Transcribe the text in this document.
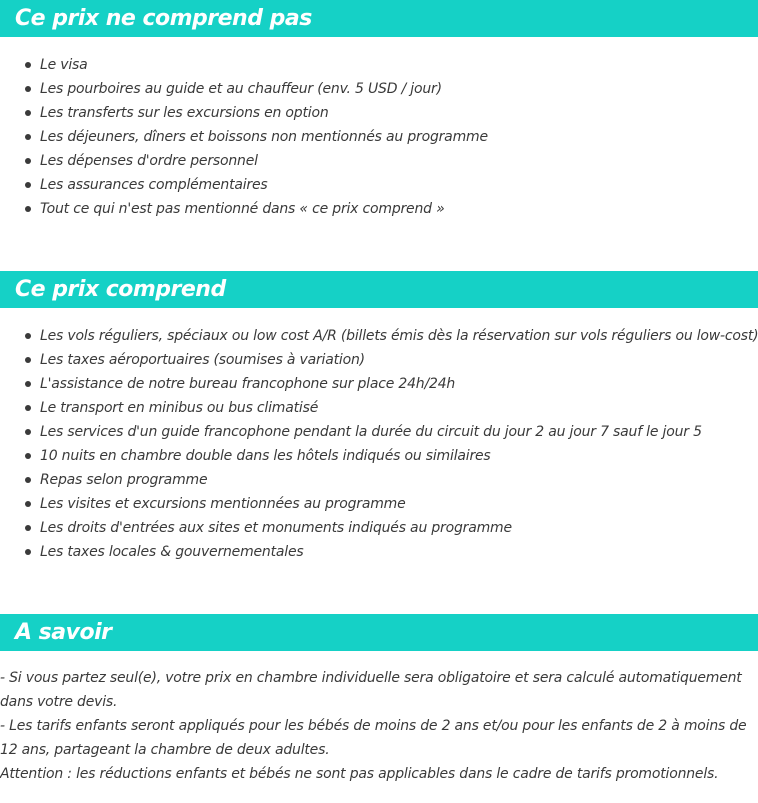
Ce prix ne comprend pas
Le visa
Les pourboires au guide et au chauffeur (env. 5 USD / jour)
Les transferts sur les excursions en option
Les déjeuners, dîners et boissons non mentionnés au programme
Les dépenses d'ordre personnel
Les assurances complémentaires
Tout ce qui n'est pas mentionné dans « ce prix comprend »
Ce prix comprend
Les vols réguliers, spéciaux ou low cost A/R (billets émis dès la réservation sur vols réguliers ou low-cost)
Les taxes aéroportuaires (soumises à variation)
L'assistance de notre bureau francophone sur place 24h/24h
Le transport en minibus ou bus climatisé
Les services d'un guide francophone pendant la durée du circuit du jour 2 au jour 7 sauf le jour 5
10 nuits en chambre double dans les hôtels indiqués ou similaires
Repas selon programme
Les visites et excursions mentionnées au programme
Les droits d'entrées aux sites et monuments indiqués au programme
Les taxes locales & gouvernementales
A savoir

- Si vous partez seul(e), votre prix en chambre individuelle sera obligatoire et sera calculé automatiquement dans votre devis.

- Les tarifs enfants seront appliqués pour les bébés de moins de 2 ans et/ou pour les enfants de 2 à moins de 12 ans, partageant la chambre de deux adultes.

Attention : les réductions enfants et bébés ne sont pas applicables dans le cadre de tarifs promotionnels.
